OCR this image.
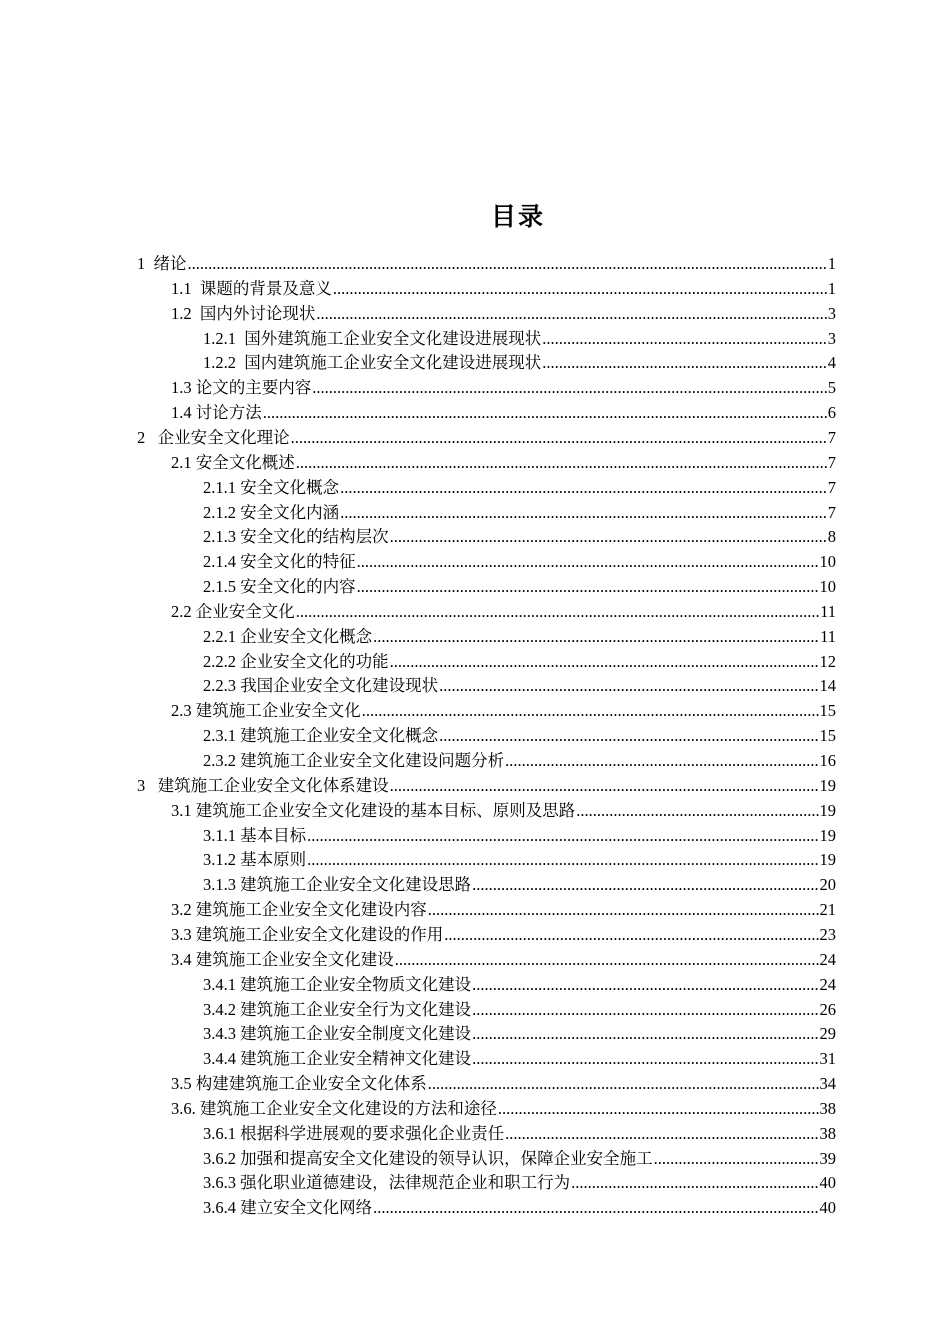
目录
1  绪论 .....	1
1.1  课题的背景及意义 .....	1
1.2  国内外讨论现状 .....	3
1.2.1  国外建筑施工企业安全文化建设进展现状 .....	3
1.2.2  国内建筑施工企业安全文化建设进展现状 .....	4
1.3 论文的主要内容 .....	5
1.4 讨论方法 .....	6
2   企业安全文化理论 .....	7
2.1 安全文化概述 .....	7
2.1.1 安全文化概念 .....	7
2.1.2 安全文化内涵 .....	7
2.1.3 安全文化的结构层次 .....	8
2.1.4 安全文化的特征 .....	10
2.1.5 安全文化的内容 .....	10
2.2 企业安全文化 .....	11
2.2.1 企业安全文化概念 .....	11
2.2.2 企业安全文化的功能 .....	12
2.2.3 我国企业安全文化建设现状 .....	14
2.3 建筑施工企业安全文化 .....	15
2.3.1 建筑施工企业安全文化概念 .....	15
2.3.2 建筑施工企业安全文化建设问题分析 .....	16
3   建筑施工企业安全文化体系建设 .....	19
3.1 建筑施工企业安全文化建设的基本目标、原则及思路 .....	19
3.1.1 基本目标 .....	19
3.1.2 基本原则 .....	19
3.1.3 建筑施工企业安全文化建设思路 .....	20
3.2 建筑施工企业安全文化建设内容 .....	21
3.3 建筑施工企业安全文化建设的作用 .....	23
3.4 建筑施工企业安全文化建设 .....	24
3.4.1 建筑施工企业安全物质文化建设 .....	24
3.4.2 建筑施工企业安全行为文化建设 .....	26
3.4.3 建筑施工企业安全制度文化建设 .....	29
3.4.4 建筑施工企业安全精神文化建设 .....	31
3.5 构建建筑施工企业安全文化体系 .....	34
3.6. 建筑施工企业安全文化建设的方法和途径 .....	38
3.6.1 根据科学进展观的要求强化企业责任 .....	38
3.6.2 加强和提高安全文化建设的领导认识，保障企业安全施工 .....	39
3.6.3 强化职业道德建设，法律规范企业和职工行为 .....	40
3.6.4 建立安全文化网络 .....	40
